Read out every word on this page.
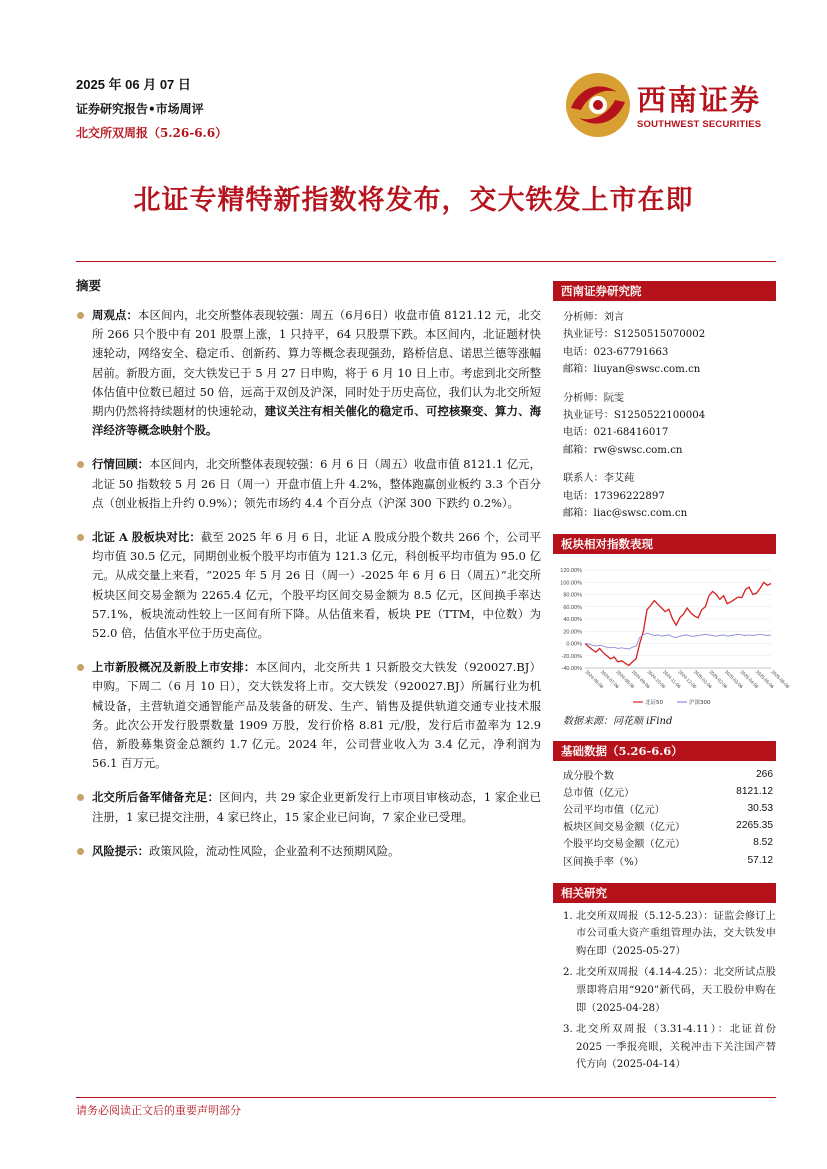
2025 年 06 月 07 日
证券研究报告•市场周评
北交所双周报（5.26-6.6）
西南证券
SOUTHWEST SECURITIES
北证专精特新指数将发布，交大铁发上市在即
摘要
周观点：本区间内，北交所整体表现较强：周五（6月6日）收盘市值 8121.12 元，北交所 266 只个股中有 201 股票上涨，1 只持平，64 只股票下跌。本区间内，北证题材快速轮动，网络安全、稳定币、创新药、算力等概念表现强劲，路桥信息、诺思兰德等涨幅居前。新股方面，交大铁发已于 5 月 27 日申购，将于 6 月 10 日上市。考虑到北交所整体估值中位数已超过 50 倍，远高于双创及沪深，同时处于历史高位，我们认为北交所短期内仍然将持续题材的快速轮动，建议关注有相关催化的稳定币、可控核聚变、算力、海洋经济等概念映射个股。
行情回顾：本区间内，北交所整体表现较强：6 月 6 日（周五）收盘市值 8121.1 亿元，北证 50 指数较 5 月 26 日（周一）开盘市值上升 4.2%，整体跑赢创业板约 3.3 个百分点（创业板指上升约 0.9%）；领先市场约 4.4 个百分点（沪深 300 下跌约 0.2%）。
北证 A 股板块对比：截至 2025 年 6 月 6 日，北证 A 股成分股个数共 266 个，公司平均市值 30.5 亿元，同期创业板个股平均市值为 121.3 亿元，科创板平均市值为 95.0 亿元。从成交量上来看，“2025 年 5 月 26 日（周一）-2025 年 6 月 6 日（周五）”北交所板块区间交易金额为 2265.4 亿元，个股平均区间交易金额为 8.5 亿元，区间换手率达 57.1%，板块流动性较上一区间有所下降。从估值来看，板块 PE（TTM，中位数）为 52.0 倍，估值水平位于历史高位。
上市新股概况及新股上市安排：本区间内，北交所共 1 只新股交大铁发（920027.BJ）申购。下周二（6 月 10 日），交大铁发将上市。交大铁发（920027.BJ）所属行业为机械设备，主营轨道交通智能产品及装备的研发、生产、销售及提供轨道交通专业技术服务。此次公开发行股票数量 1909 万股，发行价格 8.81 元/股，发行后市盈率为 12.9 倍，新股募集资金总额约 1.7 亿元。2024 年，公司营业收入为 3.4 亿元，净利润为 56.1 百万元。
北交所后备军储备充足：区间内，共 29 家企业更新发行上市项目审核动态，1 家企业已注册，1 家已提交注册，4 家已终止，15 家企业已问询，7 家企业已受理。
风险提示：政策风险，流动性风险，企业盈利不达预期风险。
西南证券研究院
分析师：刘言
执业证号：S1250515070002
电话：023-67791663
邮箱：liuyan@swsc.com.cn
分析师：阮雯
执业证号：S1250522100004
电话：021-68416017
邮箱：rw@swsc.com.cn
联系人：李艾莼
电话：17396222897
邮箱：liac@swsc.com.cn
板块相对指数表现
120.00%
100.00%
80.00%
60.00%
40.00%
20.00%
0.00%
-20.00%
-40.00%
2024-06-06
2024-07-06
2024-08-06
2024-09-06
2024-10-06
2024-11-06
2024-12-06
2025-01-06
2025-02-06
2025-03-06
2025-04-06
2025-05-06
2025-06-06
北证50	沪深300
数据来源：同花顺 iFind
基础数据（5.26-6.6）
成分股个数	266
总市值（亿元）	8121.12
公司平均市值（亿元）	30.53
板块区间交易金额（亿元）	2265.35
个股平均交易金额（亿元）	8.52
区间换手率（%）	57.12
相关研究
1. 北交所双周报（5.12-5.23）：证监会修订上市公司重大资产重组管理办法，交大铁发申购在即（2025-05-27）
2. 北交所双周报（4.14-4.25）：北交所试点股票即将启用“920”新代码，天工股份申购在即（2025-04-28）
3. 北交所双周报（3.31-4.11）：北证首份 2025 一季报亮眼，关税冲击下关注国产替代方向（2025-04-14）
请务必阅读正文后的重要声明部分
